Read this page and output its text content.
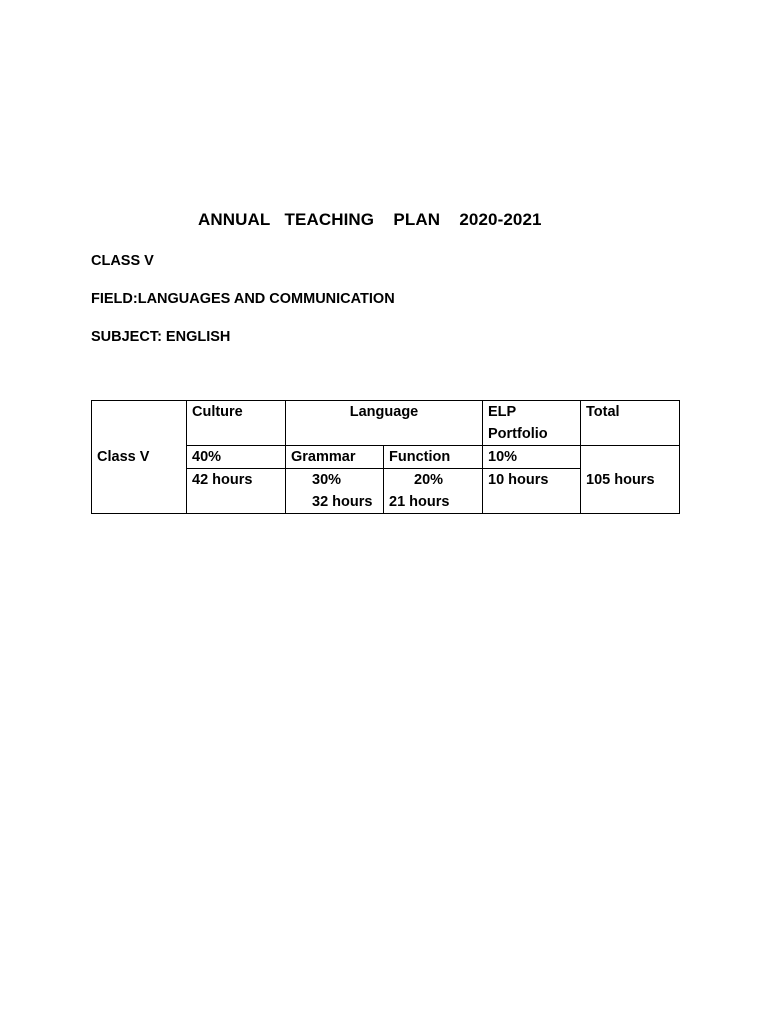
ANNUAL   TEACHING    PLAN    2020-2021
CLASS V
FIELD:LANGUAGES AND COMMUNICATION
SUBJECT: ENGLISH
Class V	Culture	Language		ELP	Total
				Portfolio	
	40%	Grammar	Function	10%	105 hours
	42 hours	30%	20%	10 hours	
		32 hours	21 hours		
